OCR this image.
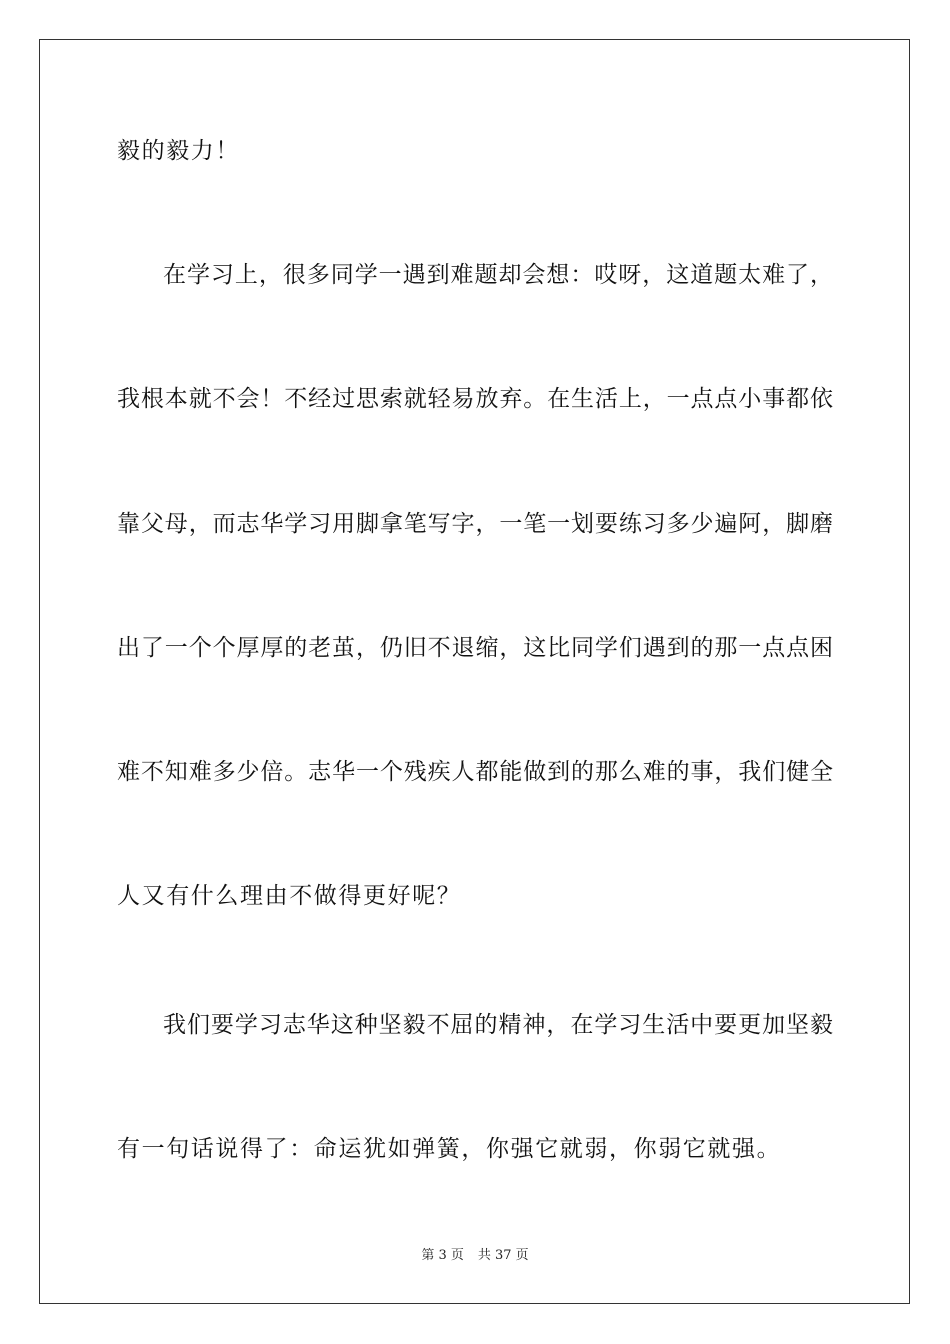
毅的毅力！
在学习上，很多同学一遇到难题却会想：哎呀，这道题太难了，
我根本就不会！不经过思索就轻易放弃。在生活上，一点点小事都依
靠父母，而志华学习用脚拿笔写字，一笔一划要练习多少遍阿，脚磨
出了一个个厚厚的老茧，仍旧不退缩，这比同学们遇到的那一点点困
难不知难多少倍。志华一个残疾人都能做到的那么难的事，我们健全
人又有什么理由不做得更好呢？
我们要学习志华这种坚毅不屈的精神，在学习生活中要更加坚毅
有一句话说得了：命运犹如弹簧，你强它就弱，你弱它就强。
第 3 页 共 37 页
